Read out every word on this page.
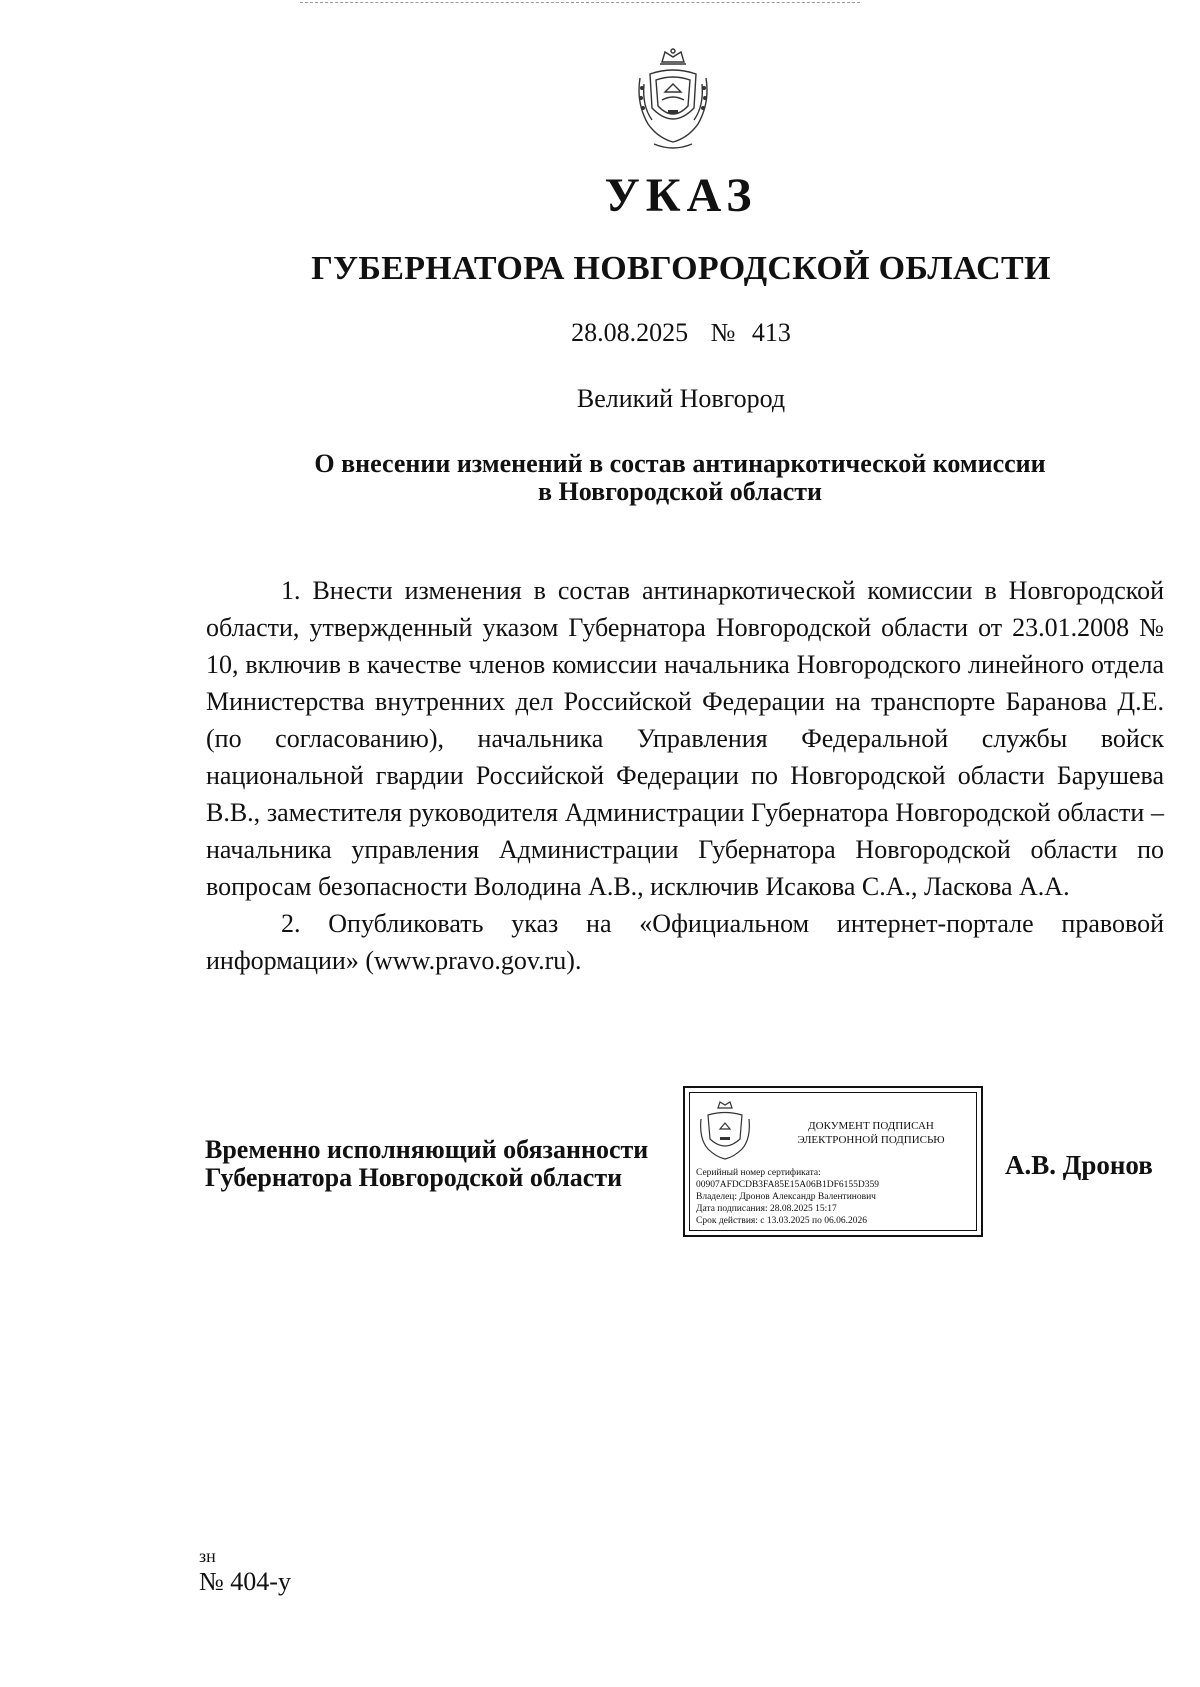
УКАЗ
ГУБЕРНАТОРА НОВГОРОДСКОЙ ОБЛАСТИ
28.08.2025 № 413
Великий Новгород
О внесении изменений в состав антинаркотической комиссии
в Новгородской области

1. Внести изменения в состав антинаркотической комиссии в Новгородской области, утвержденный указом Губернатора Новгородской области от 23.01.2008 № 10, включив в качестве членов комиссии начальника Новгородского линейного отдела Министерства внутренних дел Российской Федерации на транспорте Баранова Д.Е. (по согласованию), начальника Управления Федеральной службы войск национальной гвардии Российской Федерации по Новгородской области Барушева В.В., заместителя руководителя Администрации Губернатора Новгородской области – начальника управления Администрации Губернатора Новгородской области по вопросам безопасности Володина А.В., исключив Исакова С.А., Ласкова А.А.

2. Опубликовать указ на «Официальном интернет-портале правовой информации» (www.pravo.gov.ru).

Временно исполняющий обязанности
Губернатора Новгородской области
ДОКУМЕНТ ПОДПИСАН
ЭЛЕКТРОННОЙ ПОДПИСЬЮ
Серийный номер сертификата:
00907AFDCDB3FA85E15A06B1DF6155D359
Владелец: Дронов Александр Валентинович
Дата подписания: 28.08.2025 15:17
Срок действия: с 13.03.2025 по 06.06.2026
А.В. Дронов
зн
№ 404-у
